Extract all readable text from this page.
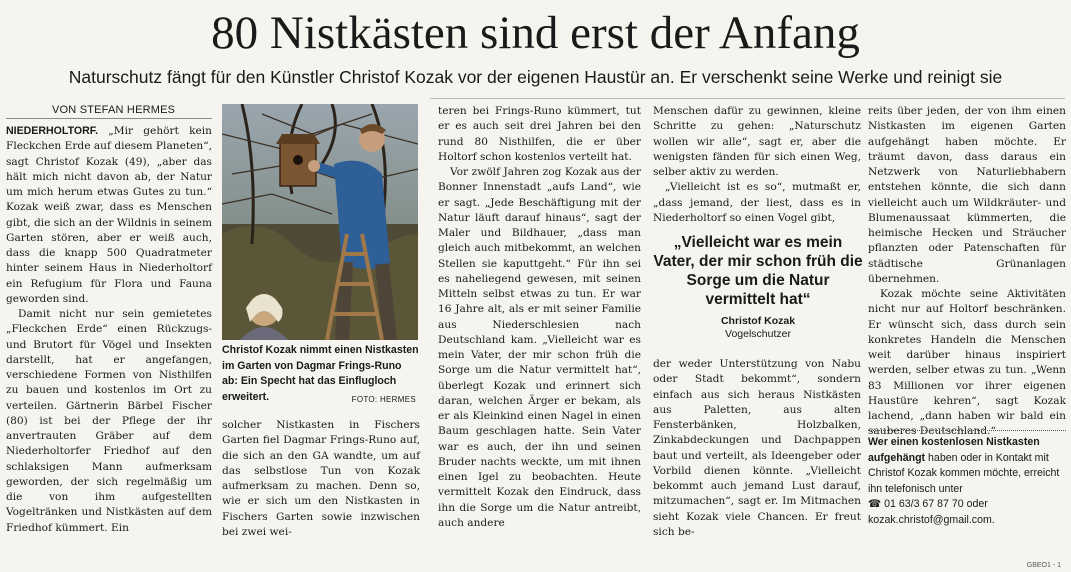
80 Nistkästen sind erst der Anfang
Naturschutz fängt für den Künstler Christof Kozak vor der eigenen Haustür an. Er verschenkt seine Werke und reinigt sie
VON STEFAN HERMES

NIEDERHOLTORF. „Mir gehört kein Fleckchen Erde auf diesem Planeten“, sagt Christof Kozak (49), „aber das hält mich nicht davon ab, der Natur um mich herum etwas Gutes zu tun.“ Kozak weiß zwar, dass es Menschen gibt, die sich an der Wildnis in seinem Garten stören, aber er weiß auch, dass die knapp 500 Quadratmeter hinter seinem Haus in Niederholtorf ein Refugium für Flora und Fauna geworden sind.

Damit nicht nur sein gemietetes „Fleckchen Erde“ einen Rückzugs- und Brutort für Vögel und Insekten darstellt, hat er angefangen, verschiedene Formen von Nisthilfen zu bauen und kostenlos im Ort zu verteilen. Gärtnerin Bärbel Fischer (80) ist bei der Pflege der ihr anvertrauten Gräber auf dem Niederholtorfer Friedhof auf den schlaksigen Mann aufmerksam geworden, der sich regelmäßig um die von ihm aufgestellten Vogeltränken und Nistkästen auf dem Friedhof kümmert. Ein

Christof Kozak nimmt einen Nistkasten im Garten von Dagmar Frings-Runo ab: Ein Specht hat das Einflugloch erweitert.	FOTO: HERMES

solcher Nistkasten in Fischers Garten fiel Dagmar Frings-Runo auf, die sich an den GA wandte, um auf das selbstlose Tun von Kozak aufmerksam zu machen. Denn so, wie er sich um den Nistkasten in Fischers Garten sowie inzwischen bei zwei wei-

teren bei Frings-Runo kümmert, tut er es auch seit drei Jahren bei den rund 80 Nisthilfen, die er über Holtorf schon kostenlos verteilt hat.

Vor zwölf Jahren zog Kozak aus der Bonner Innenstadt „aufs Land“, wie er sagt. „Jede Beschäftigung mit der Natur läuft darauf hinaus“, sagt der Maler und Bildhauer, „dass man gleich auch mitbekommt, an welchen Stellen sie kaputtgeht.“ Für ihn sei es naheliegend gewesen, mit seinen Mitteln selbst etwas zu tun. Er war 16 Jahre alt, als er mit seiner Familie aus Niederschlesien nach Deutschland kam. „Vielleicht war es mein Vater, der mir schon früh die Sorge um die Natur vermittelt hat“, überlegt Kozak und erinnert sich daran, welchen Ärger er bekam, als er als Kleinkind einen Nagel in einen Baum geschlagen hatte. Sein Vater war es auch, der ihn und seinen Bruder nachts weckte, um mit ihnen einen Igel zu beobachten. Heute vermittelt Kozak den Eindruck, dass ihn die Sorge um die Natur antreibt, auch andere

Menschen dafür zu gewinnen, kleine Schritte zu gehen: „Naturschutz wollen wir alle“, sagt er, aber die wenigsten fänden für sich einen Weg, selber aktiv zu werden.

„Vielleicht ist es so“, mutmaßt er, „dass jemand, der liest, dass es in Niederholtorf so einen Vogel gibt,

„Vielleicht war es mein Vater, der mir schon früh die Sorge um die Natur vermittelt hat“

Christof Kozak
Vogelschutzer

der weder Unterstützung von Nabu oder Stadt bekommt“, sondern einfach aus sich heraus Nistkästen aus Paletten, aus alten Fensterbänken, Holzbalken, Zinkabdeckungen und Dachpappen baut und verteilt, als Ideengeber oder Vorbild dienen könnte. „Vielleicht bekommt auch jemand Lust darauf, mitzumachen“, sagt er. Im Mitmachen sieht Kozak viele Chancen. Er freut sich be-

reits über jeden, der von ihm einen Nistkasten im eigenen Garten aufgehängt haben möchte. Er träumt davon, dass daraus ein Netzwerk von Naturliebhabern entstehen könnte, die sich dann vielleicht auch um Wildkräuter- und Blumenaussaat kümmerten, die heimische Hecken und Sträucher pflanzten oder Patenschaften für städtische Grünanlagen übernehmen.

Kozak möchte seine Aktivitäten nicht nur auf Holtorf beschränken. Er wünscht sich, dass durch sein konkretes Handeln die Menschen weit darüber hinaus inspiriert werden, selber etwas zu tun. „Wenn 83 Millionen vor ihrer eigenen Haustüre kehren“, sagt Kozak lachend, „dann haben wir bald ein sauberes Deutschland.“

Wer einen kostenlosen Nistkasten aufgehängt haben oder in Kontakt mit Christof Kozak kommen möchte, erreicht ihn telefonisch unter
☎ 01 63/3 67 87 70 oder kozak.christof@gmail.com.
GBEO1 - 1
